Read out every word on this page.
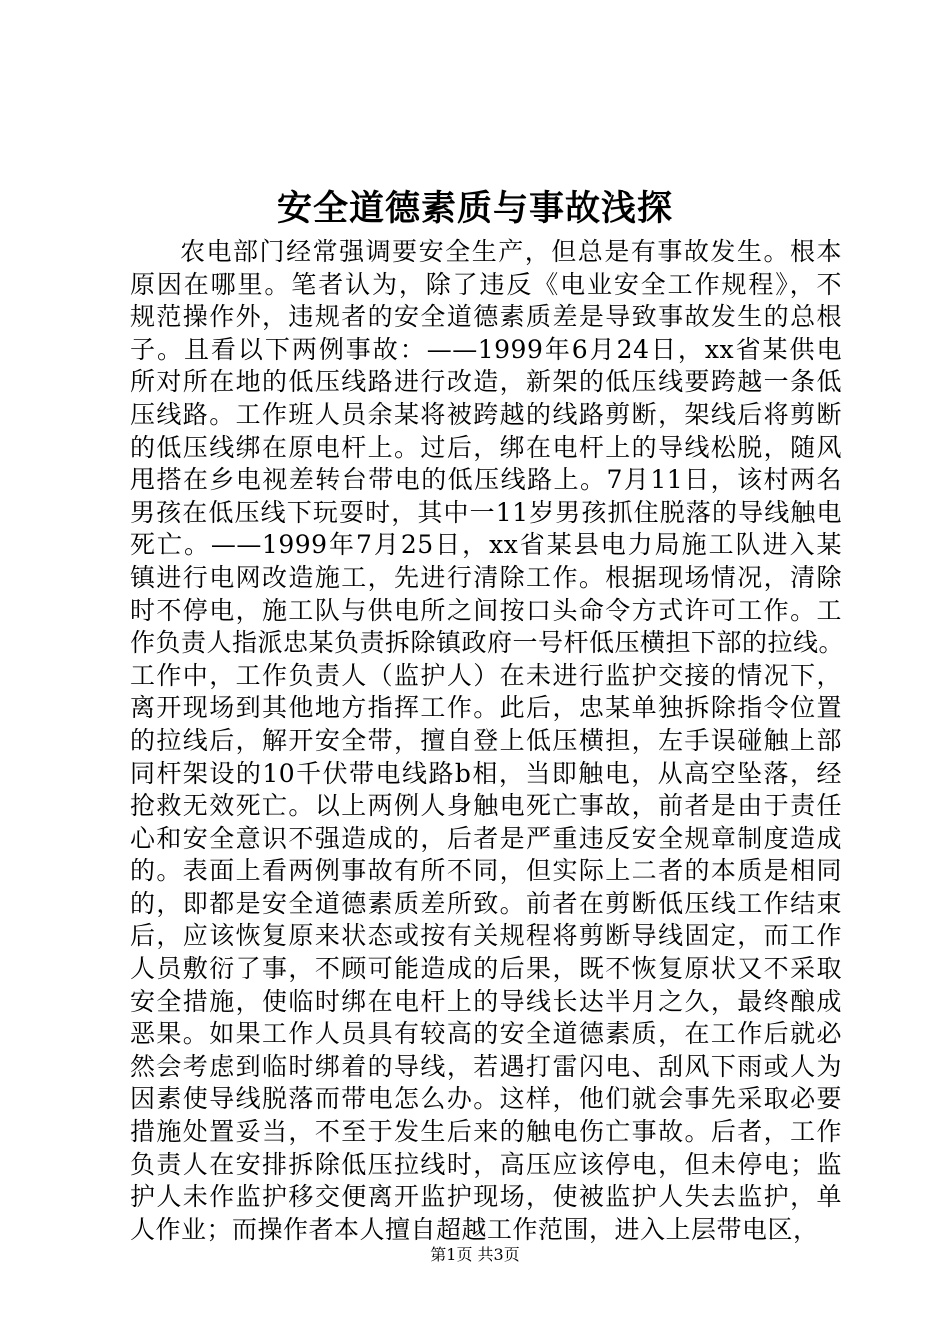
安全道德素质与事故浅探
农电部门经常强调要安全生产，但总是有事故发生。根本
原因在哪里。笔者认为，除了违反《电业安全工作规程》，不
规范操作外，违规者的安全道德素质差是导致事故发生的总根
子。且看以下两例事故：——1999年6月24日，xx省某供电
所对所在地的低压线路进行改造，新架的低压线要跨越一条低
压线路。工作班人员余某将被跨越的线路剪断，架线后将剪断
的低压线绑在原电杆上。过后，绑在电杆上的导线松脱，随风
甩搭在乡电视差转台带电的低压线路上。7月11日，该村两名
男孩在低压线下玩耍时，其中一11岁男孩抓住脱落的导线触电
死亡。——1999年7月25日，xx省某县电力局施工队进入某
镇进行电网改造施工，先进行清除工作。根据现场情况，清除
时不停电，施工队与供电所之间按口头命令方式许可工作。工
作负责人指派忠某负责拆除镇政府一号杆低压横担下部的拉线。
工作中，工作负责人（监护人）在未进行监护交接的情况下，
离开现场到其他地方指挥工作。此后，忠某单独拆除指令位置
的拉线后，解开安全带，擅自登上低压横担，左手误碰触上部
同杆架设的10千伏带电线路b相，当即触电，从高空坠落，经
抢救无效死亡。以上两例人身触电死亡事故，前者是由于责任
心和安全意识不强造成的，后者是严重违反安全规章制度造成
的。表面上看两例事故有所不同，但实际上二者的本质是相同
的，即都是安全道德素质差所致。前者在剪断低压线工作结束
后，应该恢复原来状态或按有关规程将剪断导线固定，而工作
人员敷衍了事，不顾可能造成的后果，既不恢复原状又不采取
安全措施，使临时绑在电杆上的导线长达半月之久，最终酿成
恶果。如果工作人员具有较高的安全道德素质，在工作后就必
然会考虑到临时绑着的导线，若遇打雷闪电、刮风下雨或人为
因素使导线脱落而带电怎么办。这样，他们就会事先采取必要
措施处置妥当，不至于发生后来的触电伤亡事故。后者，工作
负责人在安排拆除低压拉线时，高压应该停电，但未停电；监
护人未作监护移交便离开监护现场，使被监护人失去监护，单
人作业；而操作者本人擅自超越工作范围，进入上层带电区，
第1页 共3页
